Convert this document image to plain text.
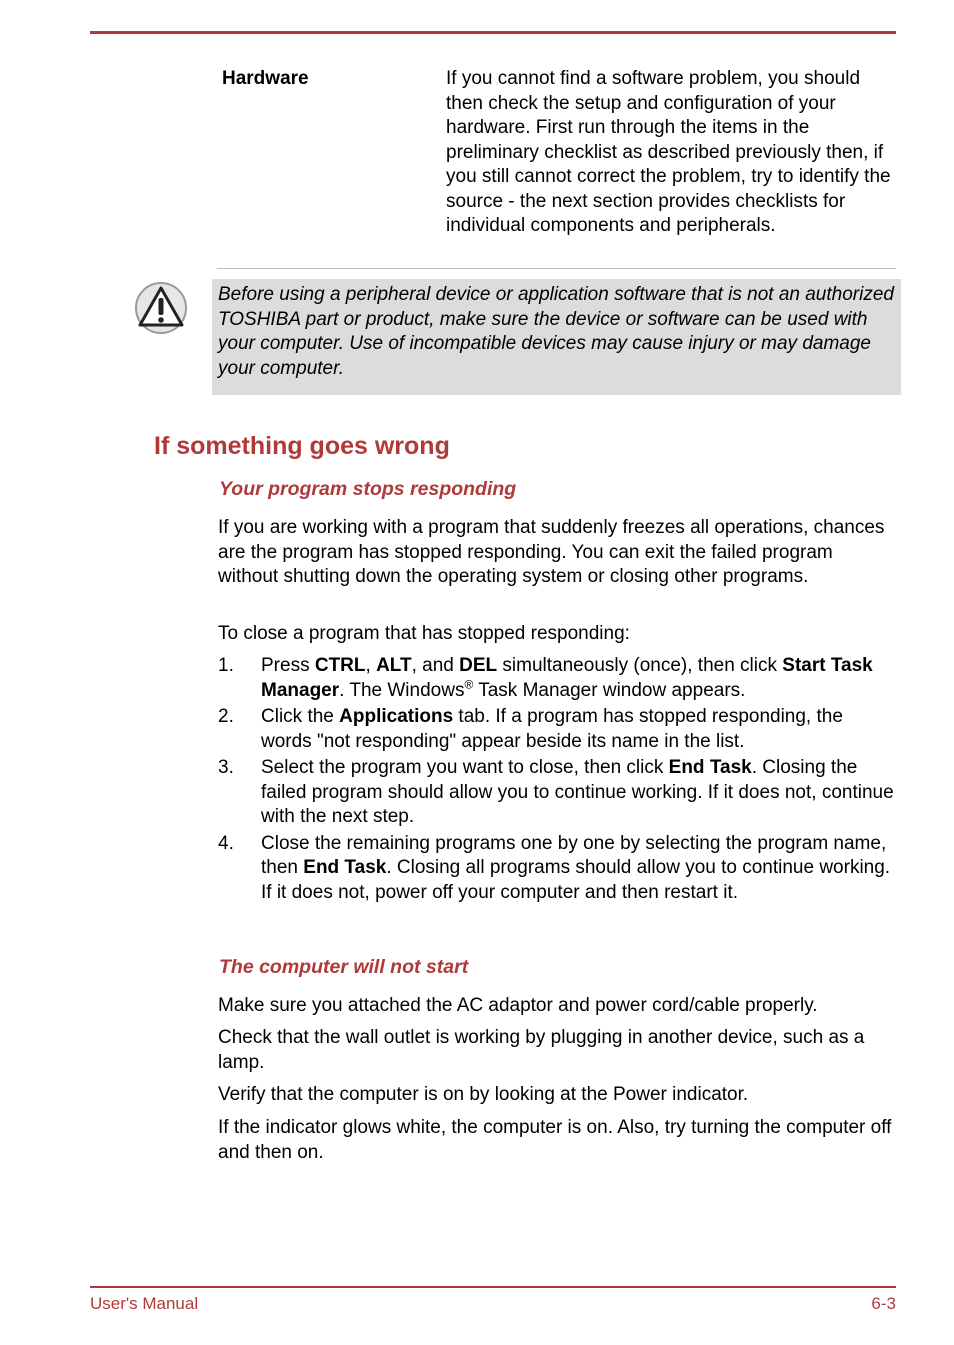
Hardware	If you cannot find a software problem, you should then check the setup and configuration of your hardware. First run through the items in the preliminary checklist as described previously then, if you still cannot correct the problem, try to identify the source - the next section provides checklists for individual components and peripherals.
Before using a peripheral device or application software that is not an authorized TOSHIBA part or product, make sure the device or software can be used with your computer. Use of incompatible devices may cause injury or may damage your computer.
If something goes wrong
Your program stops responding
If you are working with a program that suddenly freezes all operations, chances are the program has stopped responding. You can exit the failed program without shutting down the operating system or closing other programs.
To close a program that has stopped responding:
1. Press CTRL, ALT, and DEL simultaneously (once), then click Start Task Manager. The Windows® Task Manager window appears.
2. Click the Applications tab. If a program has stopped responding, the words "not responding" appear beside its name in the list.
3. Select the program you want to close, then click End Task. Closing the failed program should allow you to continue working. If it does not, continue with the next step.
4. Close the remaining programs one by one by selecting the program name, then End Task. Closing all programs should allow you to continue working. If it does not, power off your computer and then restart it.
The computer will not start
Make sure you attached the AC adaptor and power cord/cable properly.
Check that the wall outlet is working by plugging in another device, such as a lamp.
Verify that the computer is on by looking at the Power indicator.
If the indicator glows white, the computer is on. Also, try turning the computer off and then on.
User's Manual	6-3
